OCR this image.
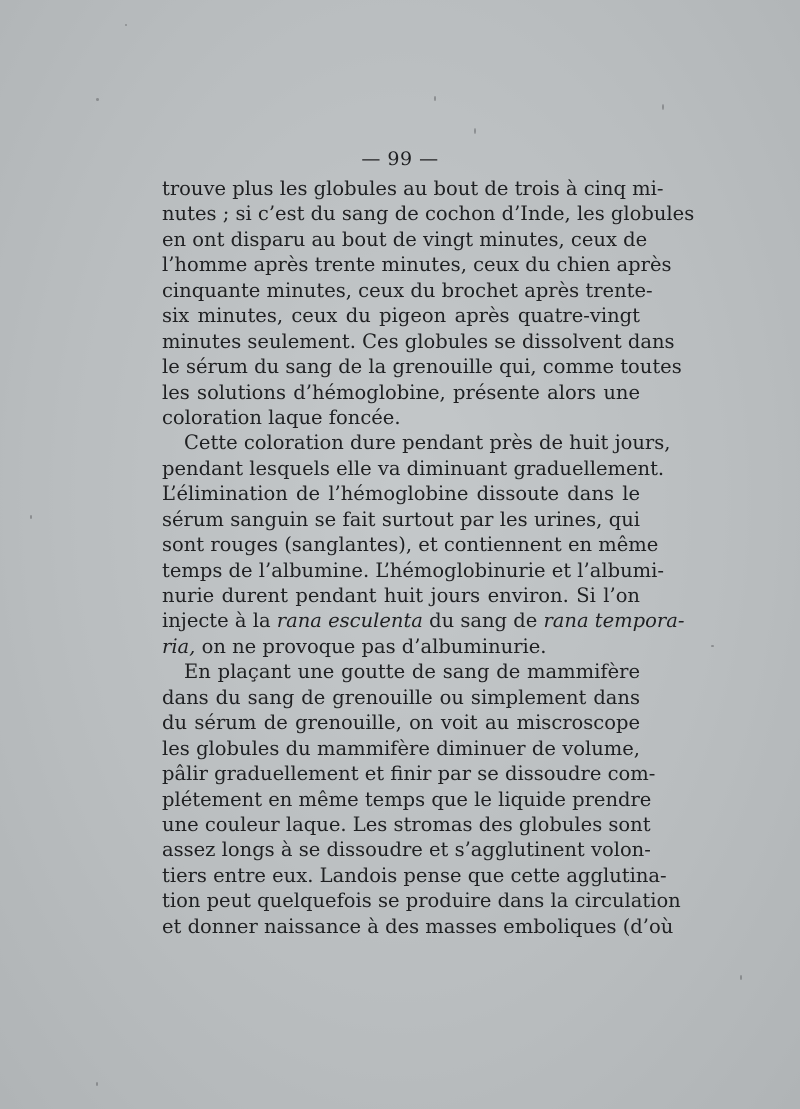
— 99 —
trouve plus les globules au bout de trois à cinq mi-
nutes ; si c’est du sang de cochon d’Inde, les globules
en ont disparu au bout de vingt minutes, ceux de
l’homme après trente minutes, ceux du chien après
cinquante minutes, ceux du brochet après trente-
six minutes, ceux du pigeon après quatre-vingt
minutes seulement. Ces globules se dissolvent dans
le sérum du sang de la grenouille qui, comme toutes
les solutions d’hémoglobine, présente alors une
coloration laque foncée.
Cette coloration dure pendant près de huit jours,
pendant lesquels elle va diminuant graduellement.
L’élimination de l’hémoglobine dissoute dans le
sérum sanguin se fait surtout par les urines, qui
sont rouges (sanglantes), et contiennent en même
temps de l’albumine. L’hémoglobinurie et l’albumi-
nurie durent pendant huit jours environ. Si l’on
injecte à la rana esculenta du sang de rana tempora-
ria, on ne provoque pas d’albuminurie.
En plaçant une goutte de sang de mammifère
dans du sang de grenouille ou simplement dans
du sérum de grenouille, on voit au miscroscope
les globules du mammifère diminuer de volume,
pâlir graduellement et finir par se dissoudre com-
plétement en même temps que le liquide prendre
une couleur laque. Les stromas des globules sont
assez longs à se dissoudre et s’agglutinent volon-
tiers entre eux. Landois pense que cette agglutina-
tion peut quelquefois se produire dans la circulation
et donner naissance à des masses emboliques (d’où
